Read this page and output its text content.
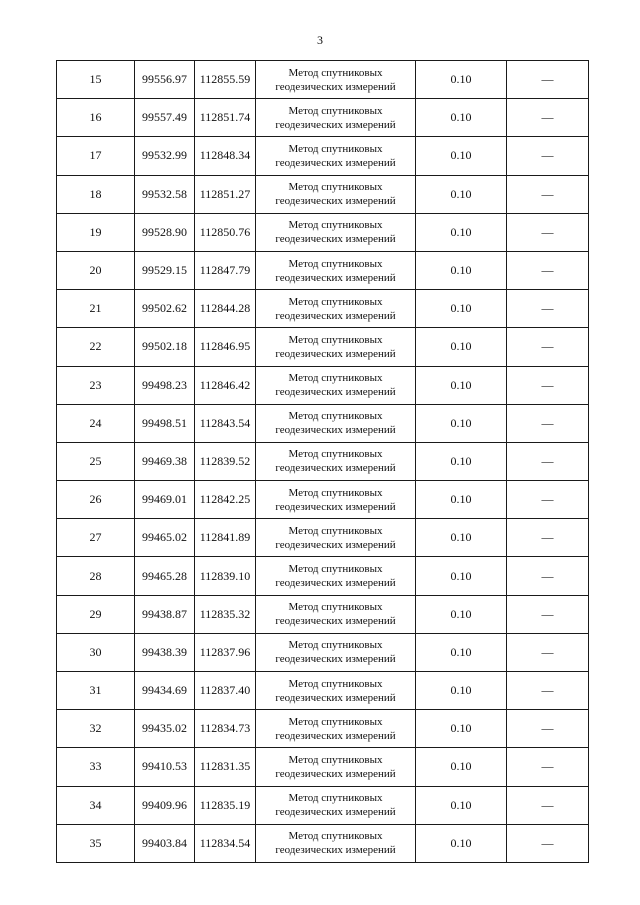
3
15	99556.97	112855.59	Метод спутниковых
геодезических измерений	0.10	—
16	99557.49	112851.74	Метод спутниковых
геодезических измерений	0.10	—
17	99532.99	112848.34	Метод спутниковых
геодезических измерений	0.10	—
18	99532.58	112851.27	Метод спутниковых
геодезических измерений	0.10	—
19	99528.90	112850.76	Метод спутниковых
геодезических измерений	0.10	—
20	99529.15	112847.79	Метод спутниковых
геодезических измерений	0.10	—
21	99502.62	112844.28	Метод спутниковых
геодезических измерений	0.10	—
22	99502.18	112846.95	Метод спутниковых
геодезических измерений	0.10	—
23	99498.23	112846.42	Метод спутниковых
геодезических измерений	0.10	—
24	99498.51	112843.54	Метод спутниковых
геодезических измерений	0.10	—
25	99469.38	112839.52	Метод спутниковых
геодезических измерений	0.10	—
26	99469.01	112842.25	Метод спутниковых
геодезических измерений	0.10	—
27	99465.02	112841.89	Метод спутниковых
геодезических измерений	0.10	—
28	99465.28	112839.10	Метод спутниковых
геодезических измерений	0.10	—
29	99438.87	112835.32	Метод спутниковых
геодезических измерений	0.10	—
30	99438.39	112837.96	Метод спутниковых
геодезических измерений	0.10	—
31	99434.69	112837.40	Метод спутниковых
геодезических измерений	0.10	—
32	99435.02	112834.73	Метод спутниковых
геодезических измерений	0.10	—
33	99410.53	112831.35	Метод спутниковых
геодезических измерений	0.10	—
34	99409.96	112835.19	Метод спутниковых
геодезических измерений	0.10	—
35	99403.84	112834.54	Метод спутниковых
геодезических измерений	0.10	—
